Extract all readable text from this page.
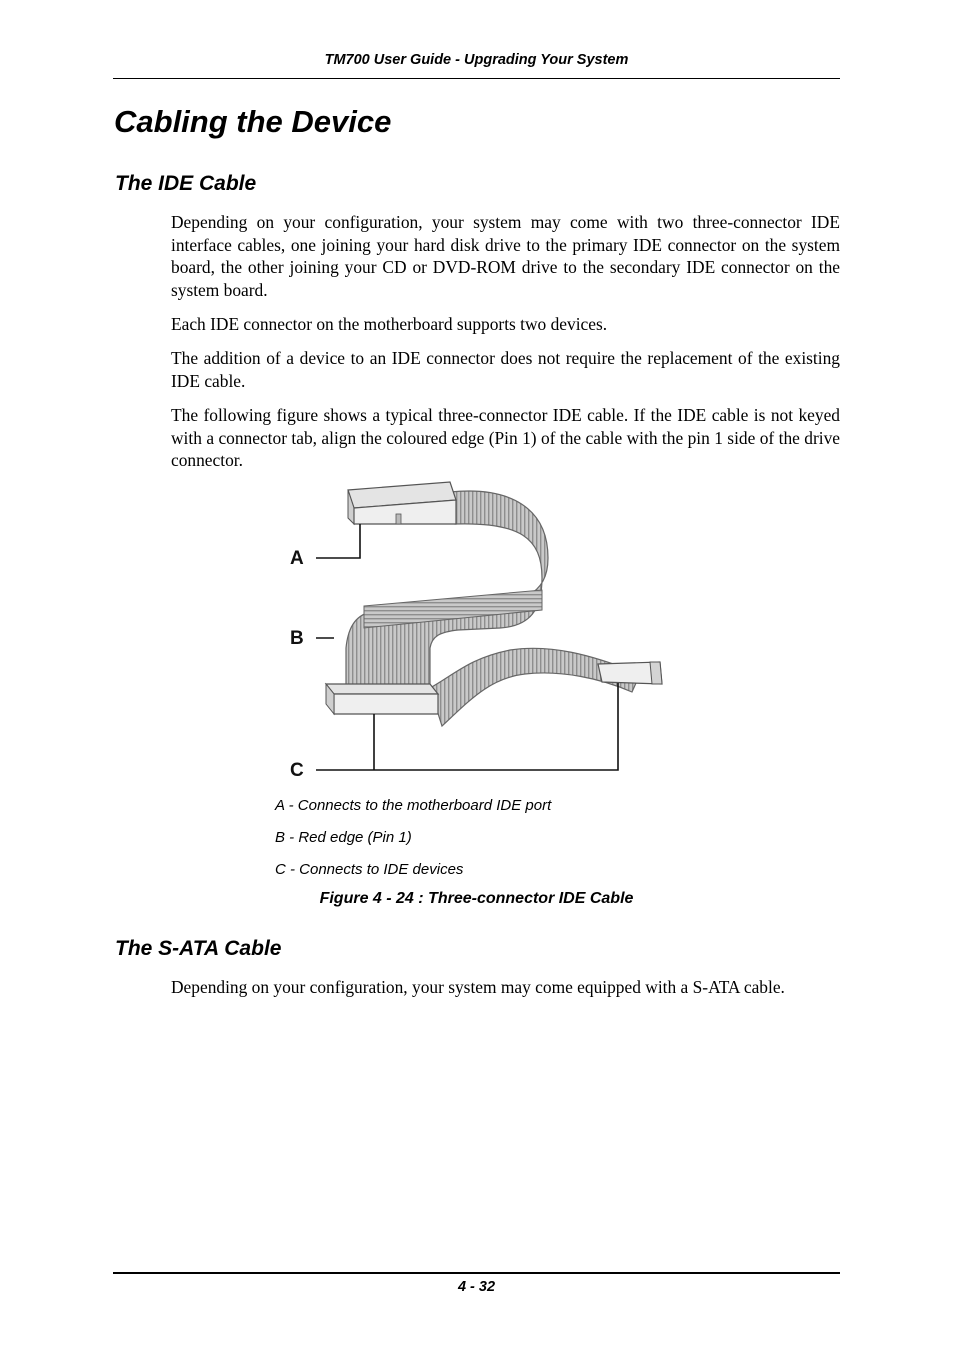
TM700 User Guide - Upgrading Your System
Cabling the Device
The IDE Cable

Depending on your configuration, your system may come with two three-connector IDE interface cables, one joining your hard disk drive to the primary IDE connector on the system board, the other joining your CD or DVD-ROM drive to the secondary IDE connector on the system board.

Each IDE connector on the motherboard supports two devices.

The addition of a device to an IDE connector does not require the replacement of the existing IDE cable.

The following figure shows a typical three-connector IDE cable. If the IDE cable is not keyed with a connector tab, align the coloured edge (Pin 1) of the cable with the pin 1 side of the drive connector.

A
B
C

A - Connects to the motherboard IDE port

B - Red edge (Pin 1)

C - Connects to IDE devices

Figure 4 - 24 : Three-connector IDE Cable

The S-ATA Cable

Depending on your configuration, your system may come equipped with a S-ATA cable.

4 - 32
